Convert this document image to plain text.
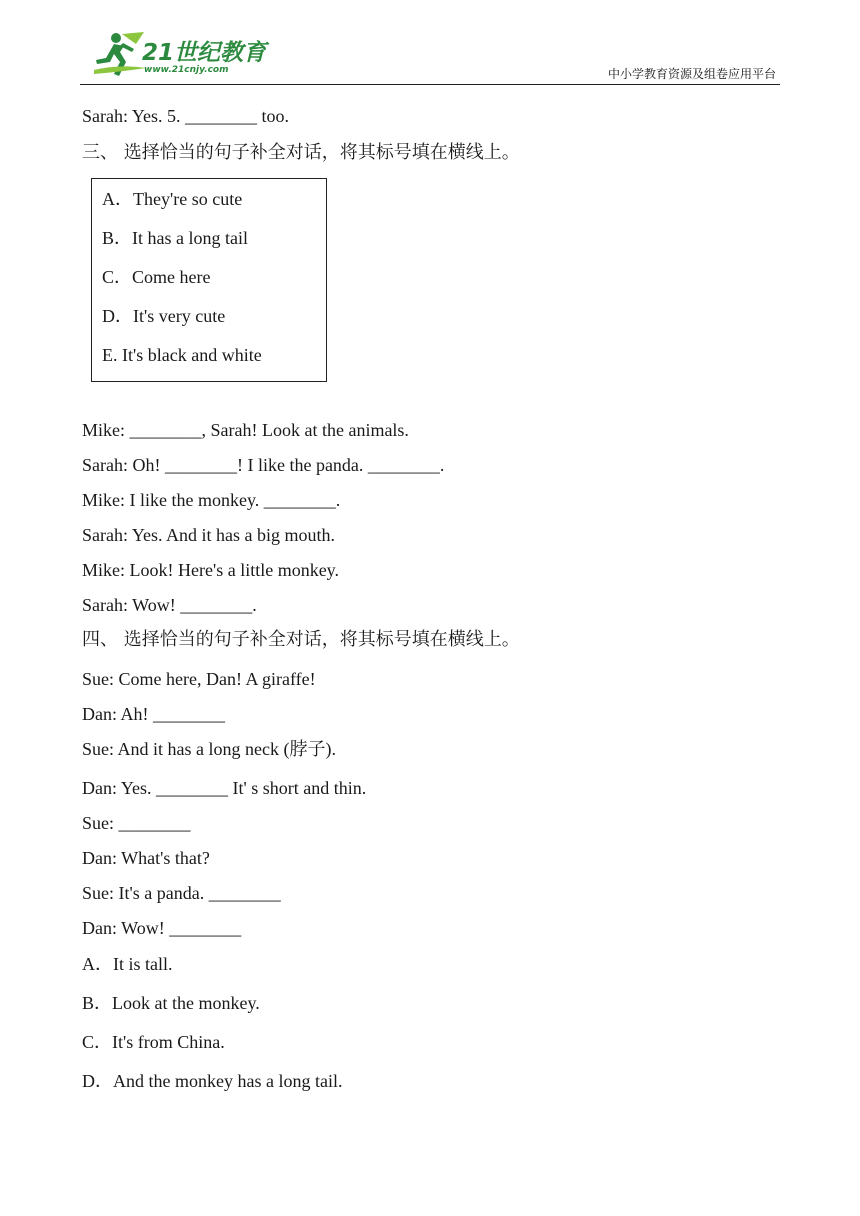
21世纪教育
www.21cnjy.com	中小学教育资源及组卷应用平台
Sarah: Yes. 5. ________ too.
三、 选择恰当的句子补全对话，将其标号填在横线上。
A．They're so cute
B．It has a long tail
C．Come here
D．It's very cute
E. It's black and white
Mike: ________, Sarah! Look at the animals.
Sarah: Oh! ________! I like the panda. ________.
Mike: I like the monkey. ________.
Sarah: Yes. And it has a big mouth.
Mike: Look! Here's a little monkey.
Sarah: Wow! ________.
四、 选择恰当的句子补全对话，将其标号填在横线上。
Sue: Come here, Dan! A giraffe!
Dan: Ah! ________
Sue: And it has a long neck (脖子).
Dan: Yes. ________ It' s short and thin.
Sue: ________
Dan: What's that?
Sue: It's a panda. ________
Dan: Wow! ________
A．It is tall.
B．Look at the monkey.
C．It's from China.
D．And the monkey has a long tail.
